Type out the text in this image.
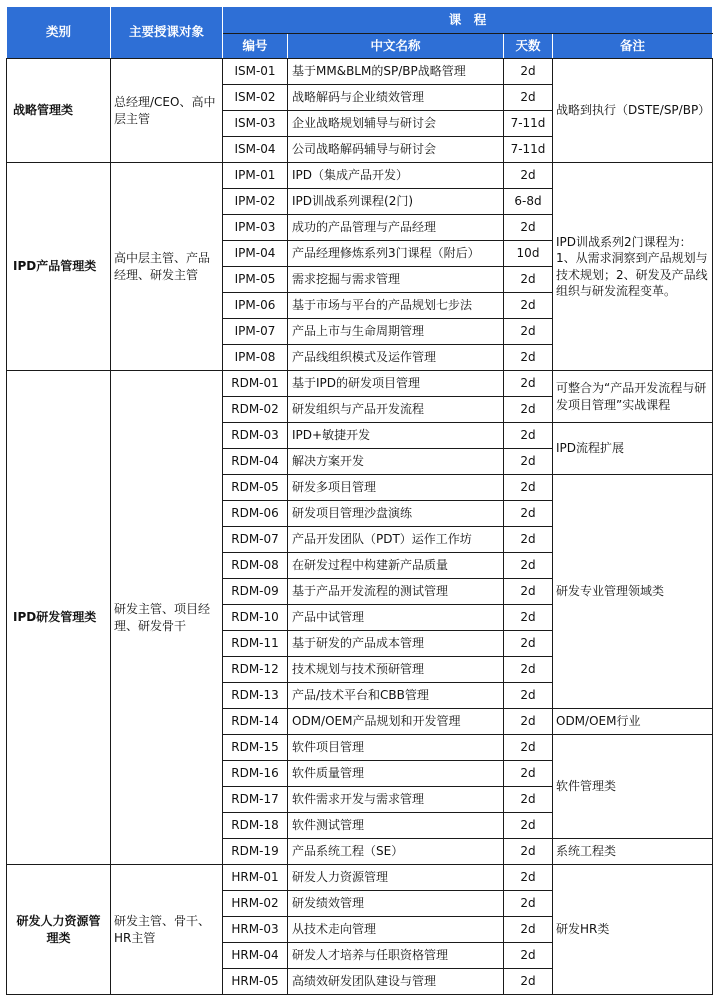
类别	主要授课对象	课　程			
		编号	中文名称	天数	备注
战略管理类	总经理/CEO、高中层主管	ISM-01	基于MM&BLM的SP/BP战略管理	2d	战略到执行（DSTE/SP/BP）
		ISM-02	战略解码与企业绩效管理	2d	
		ISM-03	企业战略规划辅导与研讨会	7-11d	
		ISM-04	公司战略解码辅导与研讨会	7-11d	
IPD产品管理类	高中层主管、产品经理、研发主管	IPM-01	IPD（集成产品开发）	2d	IPD训战系列2门课程为：1、从需求洞察到产品规划与技术规划；2、研发及产品线组织与研发流程变革。
		IPM-02	IPD训战系列课程(2门)	6-8d	
		IPM-03	成功的产品管理与产品经理	2d	
		IPM-04	产品经理修炼系列3门课程（附后）	10d	
		IPM-05	需求挖掘与需求管理	2d	
		IPM-06	基于市场与平台的产品规划七步法	2d	
		IPM-07	产品上市与生命周期管理	2d	
		IPM-08	产品线组织模式及运作管理	2d	
IPD研发管理类	研发主管、项目经理、研发骨干	RDM-01	基于IPD的研发项目管理	2d	可整合为“产品开发流程与研发项目管理”实战课程
		RDM-02	研发组织与产品开发流程	2d	
		RDM-03	IPD+敏捷开发	2d	IPD流程扩展
		RDM-04	解决方案开发	2d	
		RDM-05	研发多项目管理	2d	研发专业管理领域类
		RDM-06	研发项目管理沙盘演练	2d	
		RDM-07	产品开发团队（PDT）运作工作坊	2d	
		RDM-08	在研发过程中构建新产品质量	2d	
		RDM-09	基于产品开发流程的测试管理	2d	
		RDM-10	产品中试管理	2d	
		RDM-11	基于研发的产品成本管理	2d	
		RDM-12	技术规划与技术预研管理	2d	
		RDM-13	产品/技术平台和CBB管理	2d	
		RDM-14	ODM/OEM产品规划和开发管理	2d	ODM/OEM行业
		RDM-15	软件项目管理	2d	软件管理类
		RDM-16	软件质量管理	2d	
		RDM-17	软件需求开发与需求管理	2d	
		RDM-18	软件测试管理	2d	
		RDM-19	产品系统工程（SE）	2d	系统工程类
研发人力资源管理类	研发主管、骨干、HR主管	HRM-01	研发人力资源管理	2d	研发HR类
		HRM-02	研发绩效管理	2d	
		HRM-03	从技术走向管理	2d	
		HRM-04	研发人才培养与任职资格管理	2d	
		HRM-05	高绩效研发团队建设与管理	2d	
